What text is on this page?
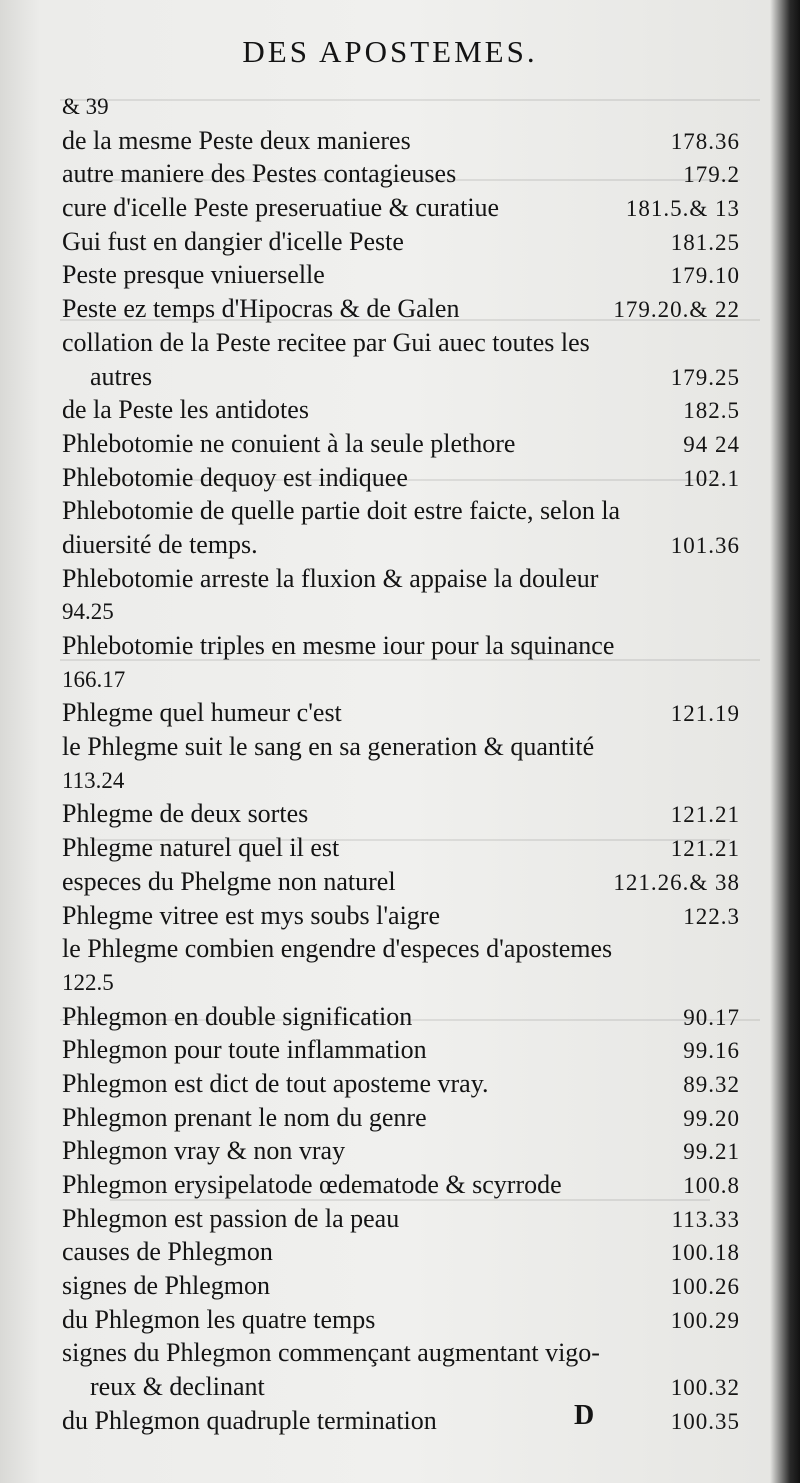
DES APOSTEMES.
& 39
de la mesme Peste deux manieres	178.36
autre maniere des Pestes contagieuses	179.2
cure d'icelle Peste preseruatiue & curatiue	181.5.& 13
Gui fust en dangier d'icelle Peste	181.25
Peste presque vniuerselle	179.10
Peste ez temps d'Hipocras & de Galen	179.20.& 22
collation de la Peste recitee par Gui auec toutes les
autres	179.25
de la Peste les antidotes	182.5
Phlebotomie ne conuient à la seule plethore	94 24
Phlebotomie dequoy est indiquee	102.1
Phlebotomie de quelle partie doit estre faicte, selon la
diuersité de temps.	101.36
Phlebotomie arreste la fluxion & appaise la douleur
94.25
Phlebotomie triples en mesme iour pour la squinance
166.17
Phlegme quel humeur c'est	121.19
le Phlegme suit le sang en sa generation & quantité
113.24
Phlegme de deux sortes	121.21
Phlegme naturel quel il est	121.21
especes du Phelgme non naturel	121.26.& 38
Phlegme vitree est mys soubs l'aigre	122.3
le Phlegme combien engendre d'especes d'apostemes
122.5
Phlegmon en double signification	90.17
Phlegmon pour toute inflammation	99.16
Phlegmon est dict de tout aposteme vray.	89.32
Phlegmon prenant le nom du genre	99.20
Phlegmon vray & non vray	99.21
Phlegmon erysipelatode œdematode & scyrrode	100.8
Phlegmon est passion de la peau	113.33
causes de Phlegmon	100.18
signes de Phlegmon	100.26
du Phlegmon les quatre temps	100.29
signes du Phlegmon commençant augmentant vigo-
reux & declinant	100.32
du Phlegmon quadruple termination	100.35
D
